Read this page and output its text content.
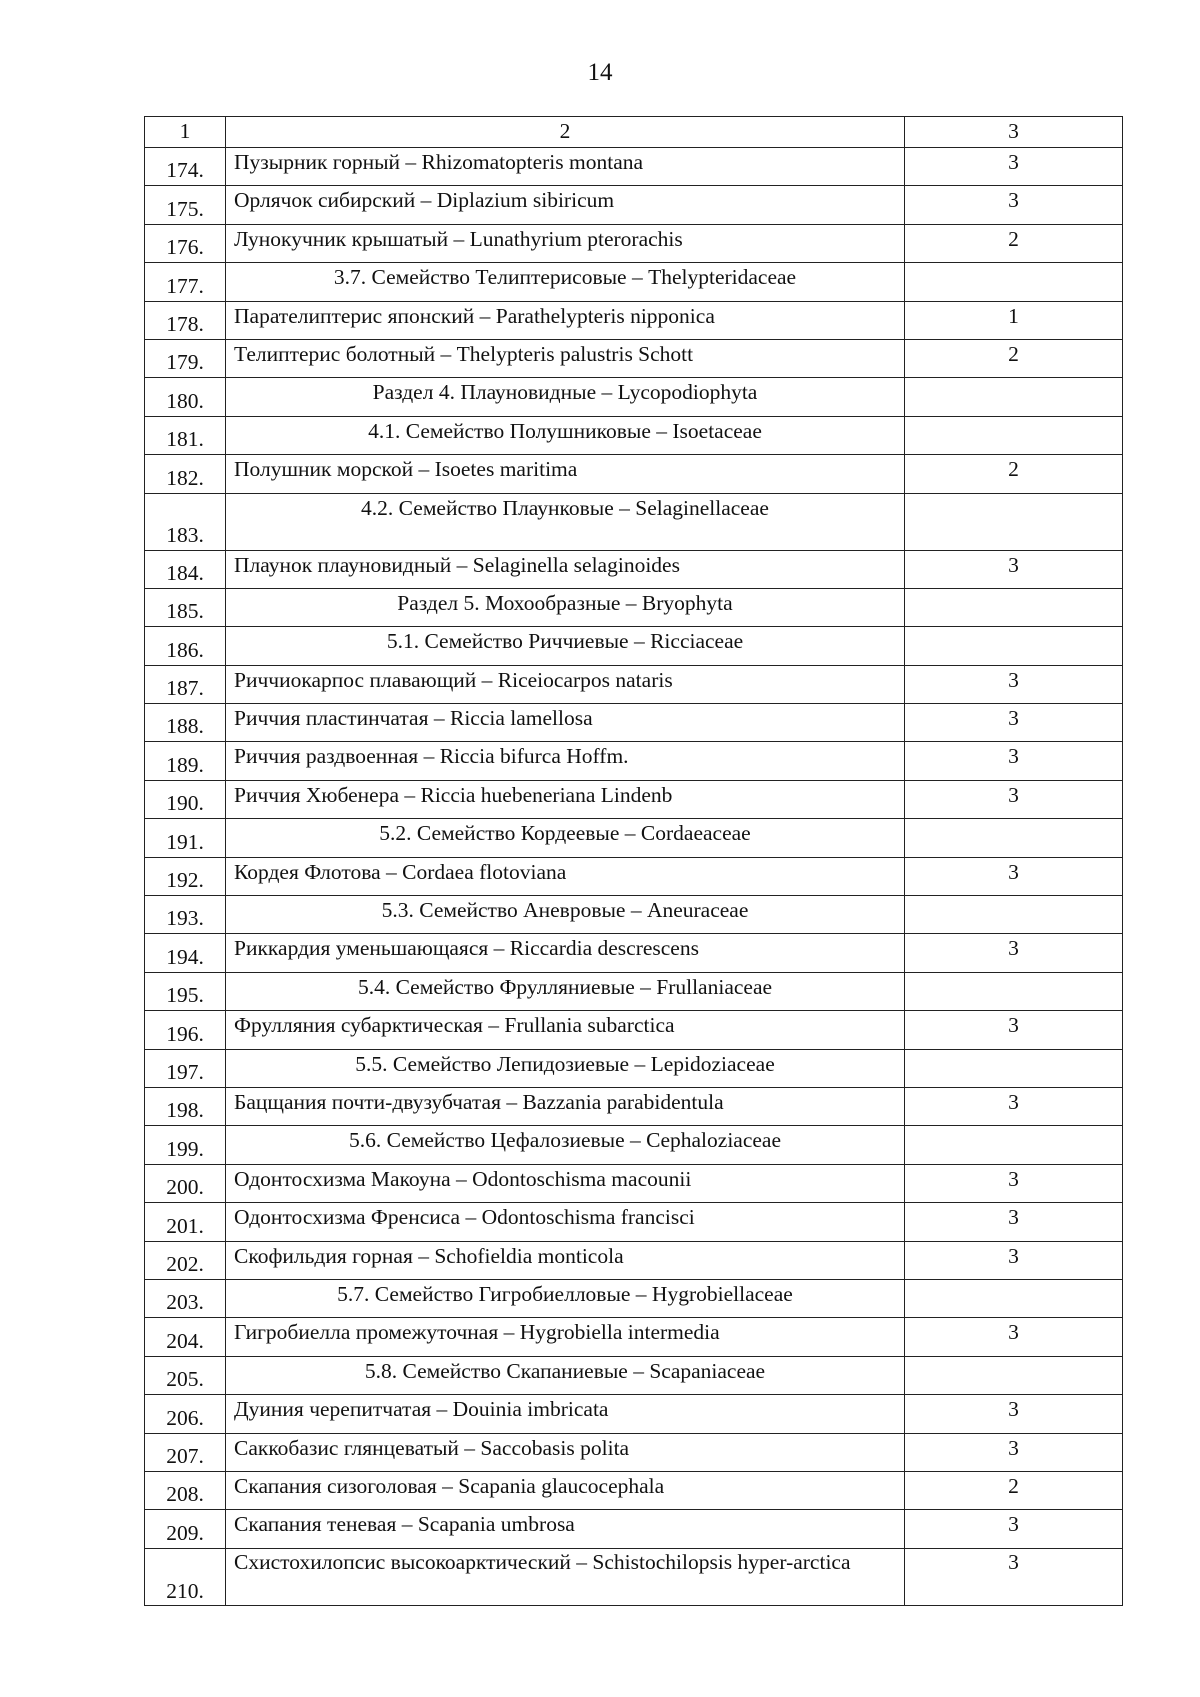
14
1	2	3
174.	Пузырник горный – Rhizomatopteris montana	3
175.	Орлячок сибирский – Diplazium sibiricum	3
176.	Лунокучник крышатый – Lunathyrium pterorachis	2
177.	3.7. Семейство Телиптерисовые – Thelypteridaceae	
178.	Парателиптерис японский – Parathelypteris nipponica	1
179.	Телиптерис болотный – Thelypteris palustris Schott	2
180.	Раздел 4. Плауновидные – Lycopodiophyta	
181.	4.1. Семейство Полушниковые – Isoetaceae	
182.	Полушник морской – Isoetes maritima	2
183.	4.2. Семейство Плаунковые – Selaginellaceae	
184.	Плаунок плауновидный – Selaginella selaginoides	3
185.	Раздел 5. Мохообразные – Bryophyta	
186.	5.1. Семейство Риччиевые – Ricciaceae	
187.	Риччиокарпос плавающий – Riceiocarpos nataris	3
188.	Риччия пластинчатая – Riccia lamellosa	3
189.	Риччия раздвоенная – Riccia bifurca Hoffm.	3
190.	Риччия Хюбенера – Riccia huebeneriana Lindenb	3
191.	5.2. Семейство Кордеевые – Cordaeaceae	
192.	Кордея Флотова – Cordaea flotoviana	3
193.	5.3. Семейство Аневровые – Aneuraceae	
194.	Риккардия уменьшающаяся – Riccardia descrescens	3
195.	5.4. Семейство Фрулляниевые – Frullaniaceae	
196.	Фрулляния субарктическая – Frullania subarctica	3
197.	5.5. Семейство Лепидозиевые – Lepidoziaceae	
198.	Бацщания почти-двузубчатая – Bazzania parabidentula	3
199.	5.6. Семейство Цефалозиевые – Cephaloziaceae	
200.	Одонтосхизма Макоуна – Odontoschisma macounii	3
201.	Одонтосхизма Френсиса – Odontoschisma francisci	3
202.	Скофильдия горная – Schofieldia monticola	3
203.	5.7. Семейство Гигробиелловые – Hygrobiellaceae	
204.	Гигробиелла промежуточная – Hygrobiella intermedia	3
205.	5.8. Семейство Скапаниевые – Scapaniaceae	
206.	Дуиния черепитчатая – Douinia imbricata	3
207.	Саккобазис глянцеватый – Saccobasis polita	3
208.	Скапания сизоголовая – Scapania glaucocephala	2
209.	Скапания теневая – Scapania umbrosa	3
210.	Схистохилопсис высокоарктический – Schistochilopsis hyper-arctica	3
